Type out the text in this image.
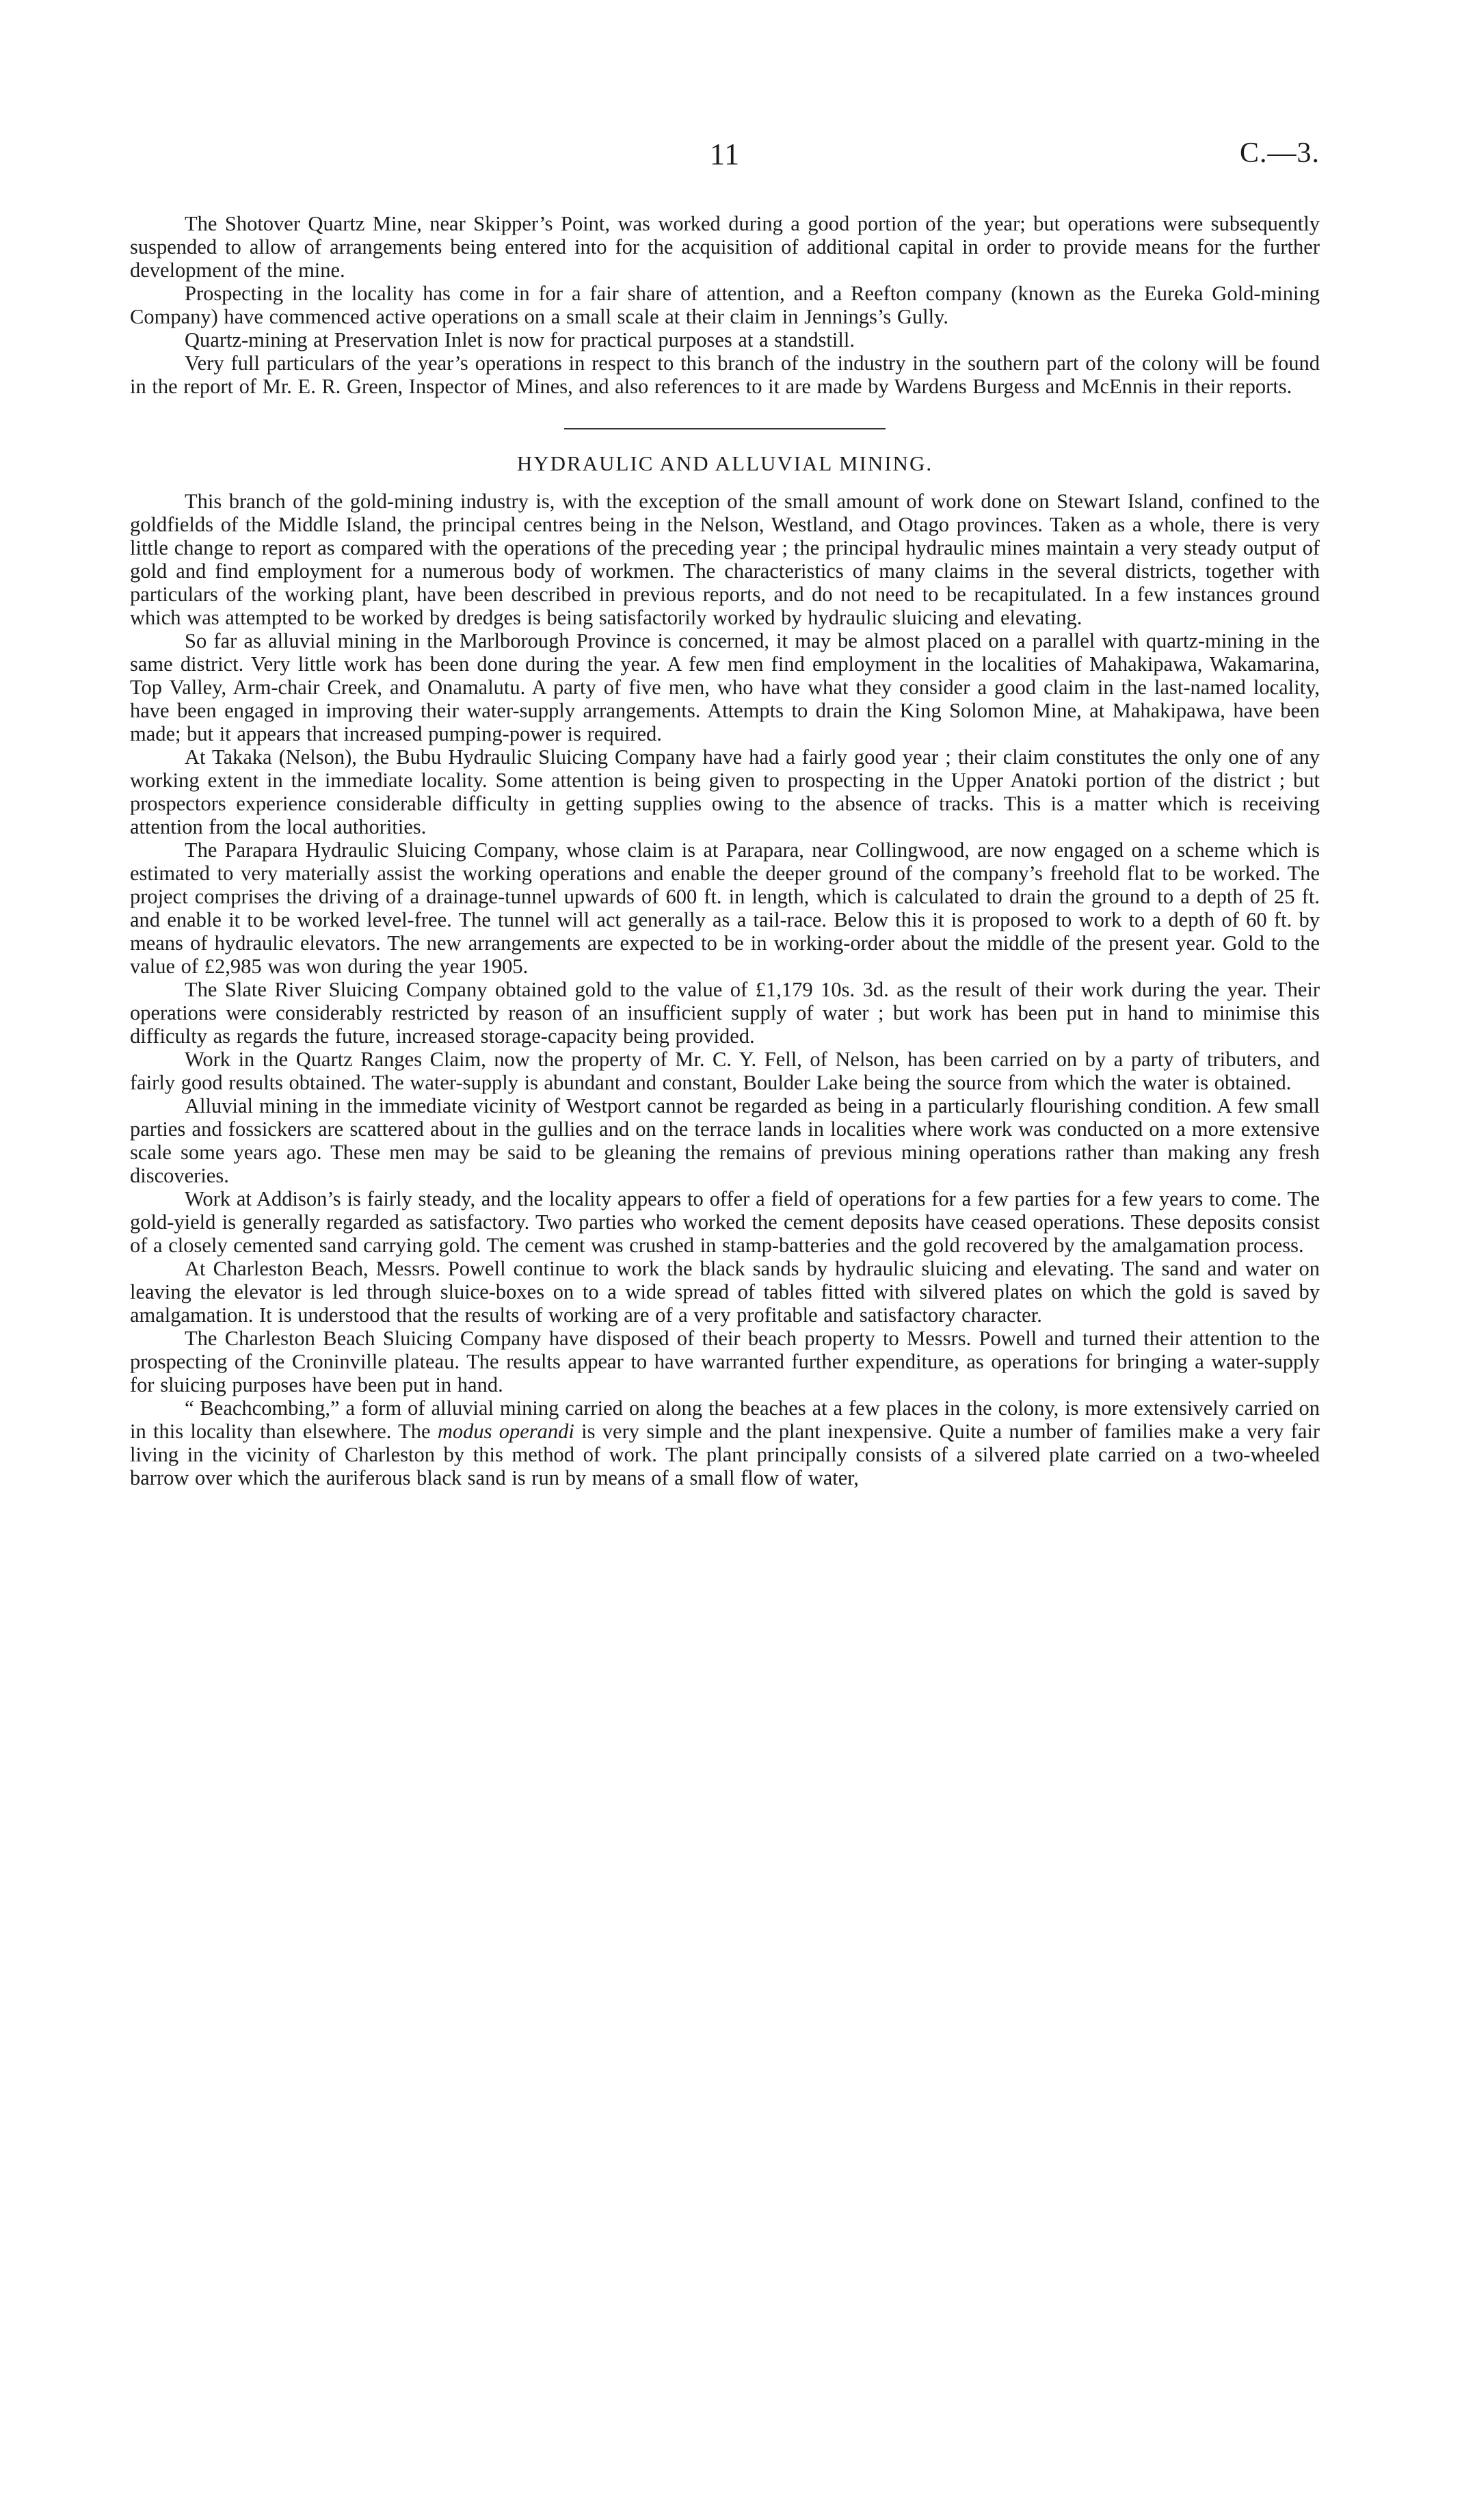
11	C.—3.

The Shotover Quartz Mine, near Skipper’s Point, was worked during a good portion of the year; but operations were subsequently suspended to allow of arrangements being entered into for the acquisition of additional capital in order to provide means for the further development of the mine.

Prospecting in the locality has come in for a fair share of attention, and a Reefton company (known as the Eureka Gold-mining Company) have commenced active operations on a small scale at their claim in Jennings’s Gully.

Quartz-mining at Preservation Inlet is now for practical purposes at a standstill.

Very full particulars of the year’s operations in respect to this branch of the industry in the southern part of the colony will be found in the report of Mr. E. R. Green, Inspector of Mines, and also references to it are made by Wardens Burgess and McEnnis in their reports.

HYDRAULIC AND ALLUVIAL MINING.

This branch of the gold-mining industry is, with the exception of the small amount of work done on Stewart Island, confined to the goldfields of the Middle Island, the principal centres being in the Nelson, Westland, and Otago provinces. Taken as a whole, there is very little change to report as compared with the operations of the preceding year ; the principal hydraulic mines maintain a very steady output of gold and find employment for a numerous body of workmen. The characteristics of many claims in the several districts, together with particulars of the working plant, have been described in previous reports, and do not need to be recapitulated. In a few instances ground which was attempted to be worked by dredges is being satisfactorily worked by hydraulic sluicing and elevating.

So far as alluvial mining in the Marlborough Province is concerned, it may be almost placed on a parallel with quartz-mining in the same district. Very little work has been done during the year. A few men find employment in the localities of Mahakipawa, Wakamarina, Top Valley, Arm-chair Creek, and Onamalutu. A party of five men, who have what they consider a good claim in the last-named locality, have been engaged in improving their water-supply arrangements. Attempts to drain the King Solomon Mine, at Mahakipawa, have been made; but it appears that increased pumping-power is required.

At Takaka (Nelson), the Bubu Hydraulic Sluicing Company have had a fairly good year ; their claim constitutes the only one of any working extent in the immediate locality. Some attention is being given to prospecting in the Upper Anatoki portion of the district ; but prospectors experience considerable difficulty in getting supplies owing to the absence of tracks. This is a matter which is receiving attention from the local authorities.

The Parapara Hydraulic Sluicing Company, whose claim is at Parapara, near Collingwood, are now engaged on a scheme which is estimated to very materially assist the working operations and enable the deeper ground of the company’s freehold flat to be worked. The project comprises the driving of a drainage-tunnel upwards of 600 ft. in length, which is calculated to drain the ground to a depth of 25 ft. and enable it to be worked level-free. The tunnel will act generally as a tail-race. Below this it is proposed to work to a depth of 60 ft. by means of hydraulic elevators. The new arrangements are expected to be in working-order about the middle of the present year. Gold to the value of £2,985 was won during the year 1905.

The Slate River Sluicing Company obtained gold to the value of £1,179 10s. 3d. as the result of their work during the year. Their operations were considerably restricted by reason of an insufficient supply of water ; but work has been put in hand to minimise this difficulty as regards the future, increased storage-capacity being provided.

Work in the Quartz Ranges Claim, now the property of Mr. C. Y. Fell, of Nelson, has been carried on by a party of tributers, and fairly good results obtained. The water-supply is abundant and constant, Boulder Lake being the source from which the water is obtained.

Alluvial mining in the immediate vicinity of Westport cannot be regarded as being in a particularly flourishing condition. A few small parties and fossickers are scattered about in the gullies and on the terrace lands in localities where work was conducted on a more extensive scale some years ago. These men may be said to be gleaning the remains of previous mining operations rather than making any fresh discoveries.

Work at Addison’s is fairly steady, and the locality appears to offer a field of operations for a few parties for a few years to come. The gold-yield is generally regarded as satisfactory. Two parties who worked the cement deposits have ceased operations. These deposits consist of a closely cemented sand carrying gold. The cement was crushed in stamp-batteries and the gold recovered by the amalgamation process.

At Charleston Beach, Messrs. Powell continue to work the black sands by hydraulic sluicing and elevating. The sand and water on leaving the elevator is led through sluice-boxes on to a wide spread of tables fitted with silvered plates on which the gold is saved by amalgamation. It is understood that the results of working are of a very profitable and satisfactory character.

The Charleston Beach Sluicing Company have disposed of their beach property to Messrs. Powell and turned their attention to the prospecting of the Croninville plateau. The results appear to have warranted further expenditure, as operations for bringing a water-supply for sluicing purposes have been put in hand.

“ Beachcombing,” a form of alluvial mining carried on along the beaches at a few places in the colony, is more extensively carried on in this locality than elsewhere. The modus operandi is very simple and the plant inexpensive. Quite a number of families make a very fair living in the vicinity of Charleston by this method of work. The plant principally consists of a silvered plate carried on a two-wheeled barrow over which the auriferous black sand is run by means of a small flow of water,
